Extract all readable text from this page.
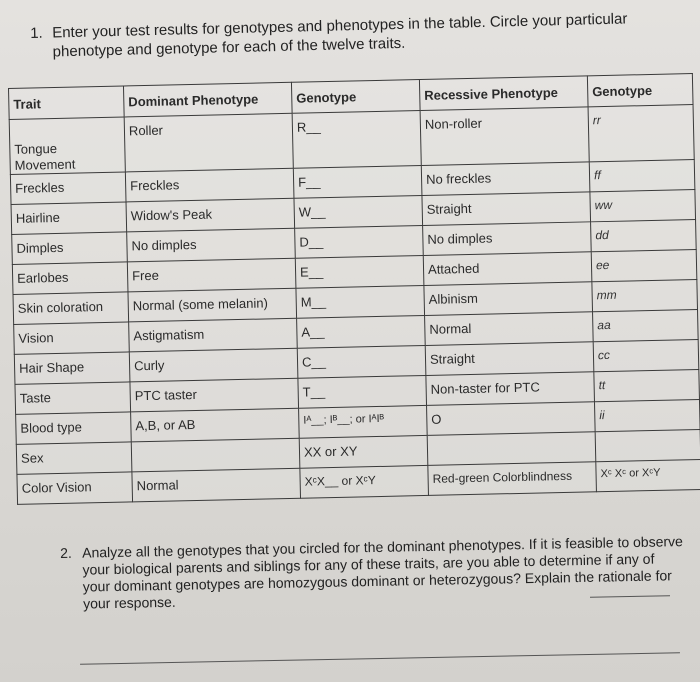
1. Enter your test results for genotypes and phenotypes in the table. Circle your particular phenotype and genotype for each of the twelve traits.
Trait	Dominant Phenotype	Genotype	Recessive Phenotype	Genotype
Tongue Movement	Roller	R__	Non-roller	rr
Freckles	Freckles	F__	No freckles	ff
Hairline	Widow's Peak	W__	Straight	ww
Dimples	No dimples	D__	No dimples	dd
Earlobes	Free	E__	Attached	ee
Skin coloration	Normal (some melanin)	M__	Albinism	mm
Vision	Astigmatism	A__	Normal	aa
Hair Shape	Curly	C__	Straight	cc
Taste	PTC taster	T__	Non-taster for PTC	tt
Blood type	A,B, or AB	Iᴬ__; Iᴮ__; or IᴬIᴮ	O	ii
Sex		XX or XY		
Color Vision	Normal	XᶜX__ or XᶜY	Red-green Colorblindness	Xᶜ Xᶜ or XᶜY
2. Analyze all the genotypes that you circled for the dominant phenotypes. If it is feasible to observe your biological parents and siblings for any of these traits, are you able to determine if any of your dominant genotypes are homozygous dominant or heterozygous? Explain the rationale for your response.
